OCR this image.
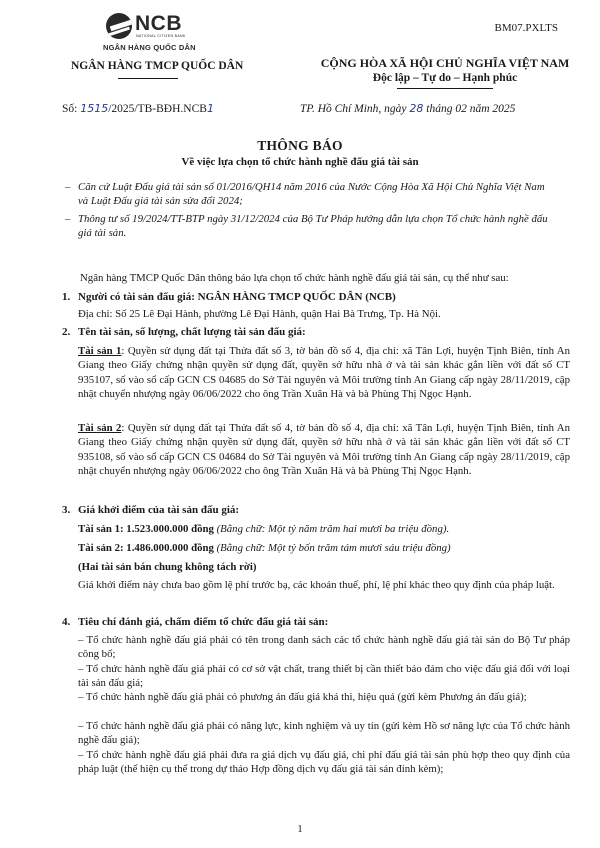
NCB
NATIONAL CITIZEN BANK
NGÂN HÀNG QUỐC DÂN
BM07.PXLTS
NGÂN HÀNG TMCP QUỐC DÂN	CỘNG HÒA XÃ HỘI CHỦ NGHĨA VIỆT NAM
Độc lập – Tự do – Hạnh phúc
Số: 1515/2025/TB-BĐH.NCB1	TP. Hồ Chí Minh, ngày 28 tháng 02 năm 2025
THÔNG BÁO
Về việc lựa chọn tổ chức hành nghề đấu giá tài sản
– Căn cứ Luật Đấu giá tài sản số 01/2016/QH14 năm 2016 của Nước Cộng Hòa Xã Hội Chủ Nghĩa Việt Nam và Luật Đấu giá tài sản sửa đổi 2024;
– Thông tư số 19/2024/TT-BTP ngày 31/12/2024 của Bộ Tư Pháp hướng dẫn lựa chọn Tổ chức hành nghề đấu giá tài sản.
Ngân hàng TMCP Quốc Dân thông báo lựa chọn tổ chức hành nghề đấu giá tài sản, cụ thể như sau:
1. Người có tài sản đấu giá: NGÂN HÀNG TMCP QUỐC DÂN (NCB)
Địa chỉ: Số 25 Lê Đại Hành, phường Lê Đại Hành, quận Hai Bà Trưng, Tp. Hà Nội.
2. Tên tài sản, số lượng, chất lượng tài sản đấu giá:
Tài sản 1: Quyền sử dụng đất tại Thửa đất số 3, tờ bản đồ số 4, địa chỉ: xã Tân Lợi, huyện Tịnh Biên, tỉnh An Giang theo Giấy chứng nhận quyền sử dụng đất, quyền sở hữu nhà ở và tài sản khác gắn liền với đất số CT 935107, số vào sổ cấp GCN CS 04685 do Sở Tài nguyên và Môi trường tỉnh An Giang cấp ngày 28/11/2019, cập nhật chuyển nhượng ngày 06/06/2022 cho ông Trần Xuân Hà và bà Phùng Thị Ngọc Hạnh.
Tài sản 2: Quyền sử dụng đất tại Thửa đất số 4, tờ bản đồ số 4, địa chỉ: xã Tân Lợi, huyện Tịnh Biên, tỉnh An Giang theo Giấy chứng nhận quyền sử dụng đất, quyền sở hữu nhà ở và tài sản khác gắn liền với đất số CT 935108, số vào sổ cấp GCN CS 04684 do Sở Tài nguyên và Môi trường tỉnh An Giang cấp ngày 28/11/2019, cập nhật chuyển nhượng ngày 06/06/2022 cho ông Trần Xuân Hà và bà Phùng Thị Ngọc Hạnh.
3. Giá khởi điểm của tài sản đấu giá:
Tài sản 1: 1.523.000.000 đồng (Bằng chữ: Một tỷ năm trăm hai mươi ba triệu đồng).
Tài sản 2: 1.486.000.000 đồng (Bằng chữ: Một tỷ bốn trăm tám mươi sáu triệu đồng)
(Hai tài sản bán chung không tách rời)
Giá khởi điểm này chưa bao gồm lệ phí trước bạ, các khoản thuế, phí, lệ phí khác theo quy định của pháp luật.
4. Tiêu chí đánh giá, chấm điểm tổ chức đấu giá tài sản:
– Tổ chức hành nghề đấu giá phải có tên trong danh sách các tổ chức hành nghề đấu giá tài sản do Bộ Tư pháp công bố;
– Tổ chức hành nghề đấu giá phải có cơ sở vật chất, trang thiết bị cần thiết bảo đảm cho việc đấu giá đối với loại tài sản đấu giá;
– Tổ chức hành nghề đấu giá phải có phương án đấu giá khả thi, hiệu quả (gửi kèm Phương án đấu giá);
– Tổ chức hành nghề đấu giá phải có năng lực, kinh nghiệm và uy tín (gửi kèm Hồ sơ năng lực của Tổ chức hành nghề đấu giá);
– Tổ chức hành nghề đấu giá phải đưa ra giá dịch vụ đấu giá, chi phí đấu giá tài sản phù hợp theo quy định của pháp luật (thể hiện cụ thể trong dự thảo Hợp đồng dịch vụ đấu giá tài sản đính kèm);
1
